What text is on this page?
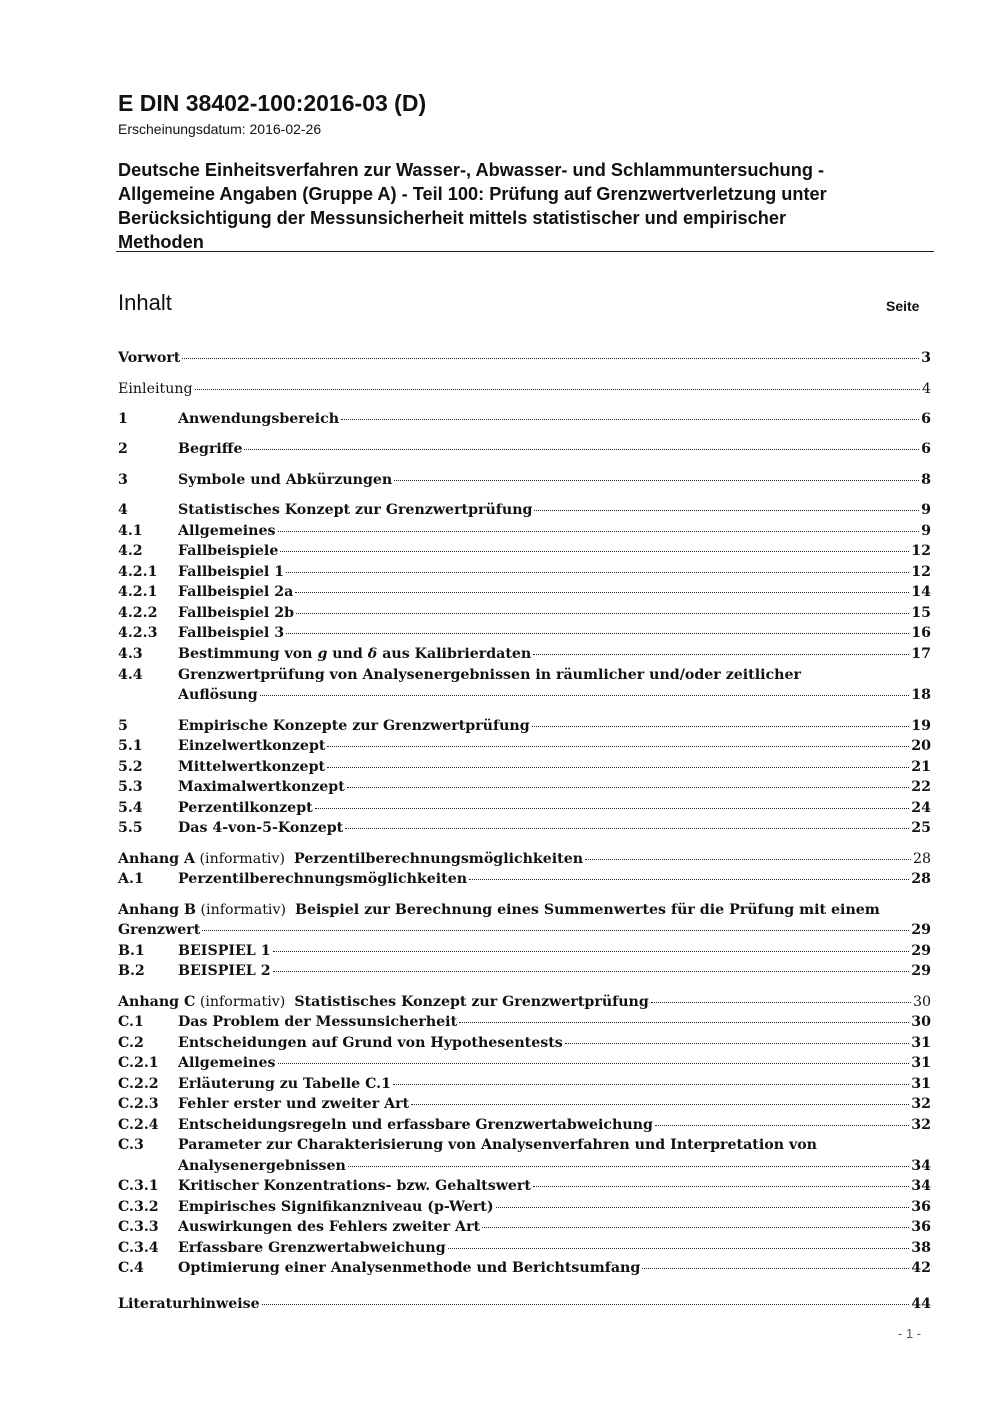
E DIN 38402-100:2016-03 (D)
Erscheinungsdatum: 2016-02-26
Deutsche Einheitsverfahren zur Wasser-, Abwasser- und Schlammuntersuchung -
Allgemeine Angaben (Gruppe A) - Teil 100: Prüfung auf Grenzwertverletzung unter
Berücksichtigung der Messunsicherheit mittels statistischer und empirischer
Methoden
Inhalt	Seite
Vorwort	3
Einleitung	4
1	Anwendungsbereich	6
2	Begriffe	6
3	Symbole und Abkürzungen	8
4	Statistisches Konzept zur Grenzwertprüfung	9
4.1	Allgemeines	9
4.2	Fallbeispiele	12
4.2.1	Fallbeispiel 1	12
4.2.1	Fallbeispiel 2a	14
4.2.2	Fallbeispiel 2b	15
4.2.3	Fallbeispiel 3	16
4.3	Bestimmung von g und δ aus Kalibrierdaten	17
4.4	Grenzwertprüfung von Analysenergebnissen in räumlicher und/oder zeitlicher
Auflösung	18
5	Empirische Konzepte zur Grenzwertprüfung	19
5.1	Einzelwertkonzept	20
5.2	Mittelwertkonzept	21
5.3	Maximalwertkonzept	22
5.4	Perzentilkonzept	24
5.5	Das 4-von-5-Konzept	25
Anhang A (informativ)  Perzentilberechnungsmöglichkeiten	28
A.1	Perzentilberechnungsmöglichkeiten	28
Anhang B (informativ)  Beispiel zur Berechnung eines Summenwertes für die Prüfung mit einem
Grenzwert	29
B.1	BEISPIEL 1	29
B.2	BEISPIEL 2	29
Anhang C (informativ)  Statistisches Konzept zur Grenzwertprüfung	30
C.1	Das Problem der Messunsicherheit	30
C.2	Entscheidungen auf Grund von Hypothesentests	31
C.2.1	Allgemeines	31
C.2.2	Erläuterung zu Tabelle C.1	31
C.2.3	Fehler erster und zweiter Art	32
C.2.4	Entscheidungsregeln und erfassbare Grenzwertabweichung	32
C.3	Parameter zur Charakterisierung von Analysenverfahren und Interpretation von
Analysenergebnissen	34
C.3.1	Kritischer Konzentrations- bzw. Gehaltswert	34
C.3.2	Empirisches Signifikanzniveau (p-Wert)	36
C.3.3	Auswirkungen des Fehlers zweiter Art	36
C.3.4	Erfassbare Grenzwertabweichung	38
C.4	Optimierung einer Analysenmethode und Berichtsumfang	42
Literaturhinweise	44
- 1 -
